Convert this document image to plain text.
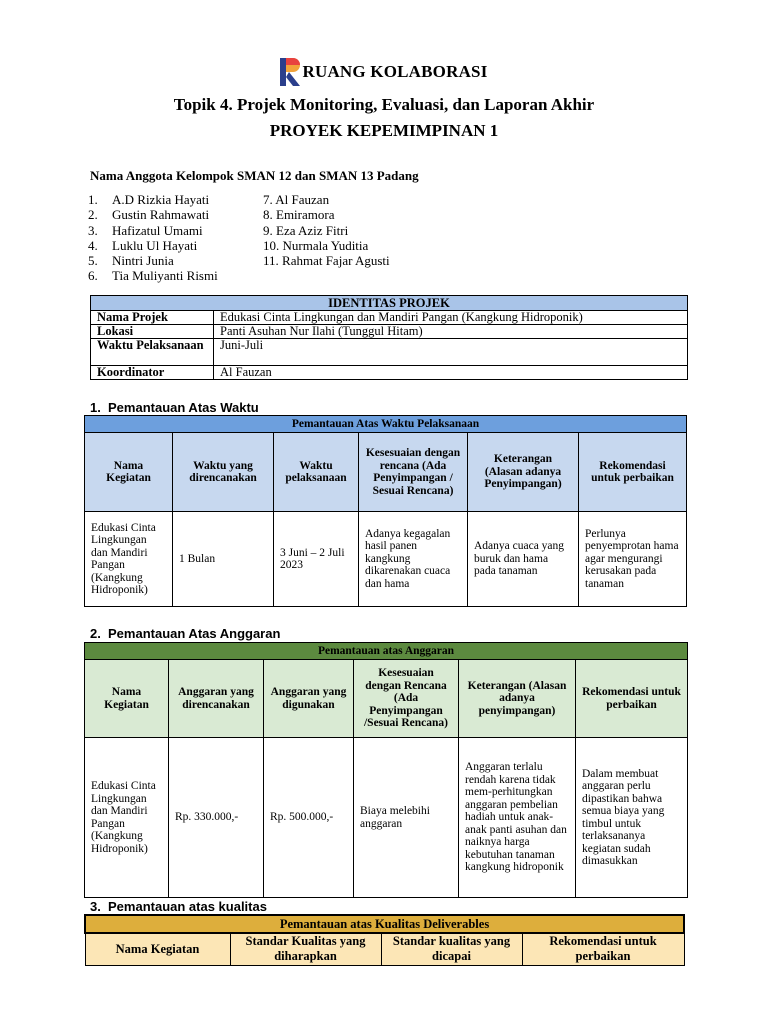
RUANG KOLABORASI
Topik 4. Projek Monitoring, Evaluasi, dan Laporan Akhir
PROYEK KEPEMIMPINAN 1
Nama Anggota Kelompok SMAN 12 dan SMAN 13 Padang
1. A.D Rizkia Hayati
2. Gustin Rahmawati
3. Hafizatul Umami
4. Luklu Ul Hayati
5. Nintri Junia
6. Tia Muliyanti Rismi
7. Al Fauzan
8. Emiramora
9. Eza Aziz Fitri
10. Nurmala Yuditia
11. Rahmat Fajar Agusti
IDENTITAS PROJEK	
Nama Projek	Edukasi Cinta Lingkungan dan Mandiri Pangan (Kangkung Hidroponik)
Lokasi	Panti Asuhan Nur Ilahi (Tunggul Hitam)
Waktu Pelaksanaan	Juni-Juli
Koordinator	Al Fauzan
1. Pemantauan Atas Waktu
Pemantauan Atas Waktu Pelaksanaan					
Nama Kegiatan	Waktu yang direncanakan	Waktu pelaksanaan	Kesesuaian dengan rencana (Ada Penyimpangan / Sesuai Rencana)	Keterangan (Alasan adanya Penyimpangan)	Rekomendasi untuk perbaikan
Edukasi Cinta Lingkungan dan Mandiri Pangan (Kangkung Hidroponik)	1 Bulan	3 Juni – 2 Juli 2023	Adanya kegagalan hasil panen kangkung dikarenakan cuaca dan hama	Adanya cuaca yang buruk dan hama pada tanaman	Perlunya penyemprotan hama agar mengurangi kerusakan pada tanaman
2. Pemantauan Atas Anggaran
Pemantauan atas Anggaran					
Nama Kegiatan	Anggaran yang direncanakan	Anggaran yang digunakan	Kesesuaian dengan Rencana (Ada Penyimpangan /Sesuai Rencana)	Keterangan (Alasan adanya penyimpangan)	Rekomendasi untuk perbaikan
Edukasi Cinta Lingkungan dan Mandiri Pangan (Kangkung Hidroponik)	Rp. 330.000,-	Rp. 500.000,-	Biaya melebihi anggaran	Anggaran terlalu rendah karena tidak mem-perhitungkan anggaran pembelian hadiah untuk anak-anak panti asuhan dan naiknya harga kebutuhan tanaman kangkung hidroponik	Dalam membuat anggaran perlu dipastikan bahwa semua biaya yang timbul untuk terlaksananya kegiatan sudah dimasukkan
3. Pemantauan atas kualitas
Pemantauan atas Kualitas Deliverables
Nama Kegiatan	Standar Kualitas yang diharapkan	Standar kualitas yang dicapai	Rekomendasi untuk perbaikan
